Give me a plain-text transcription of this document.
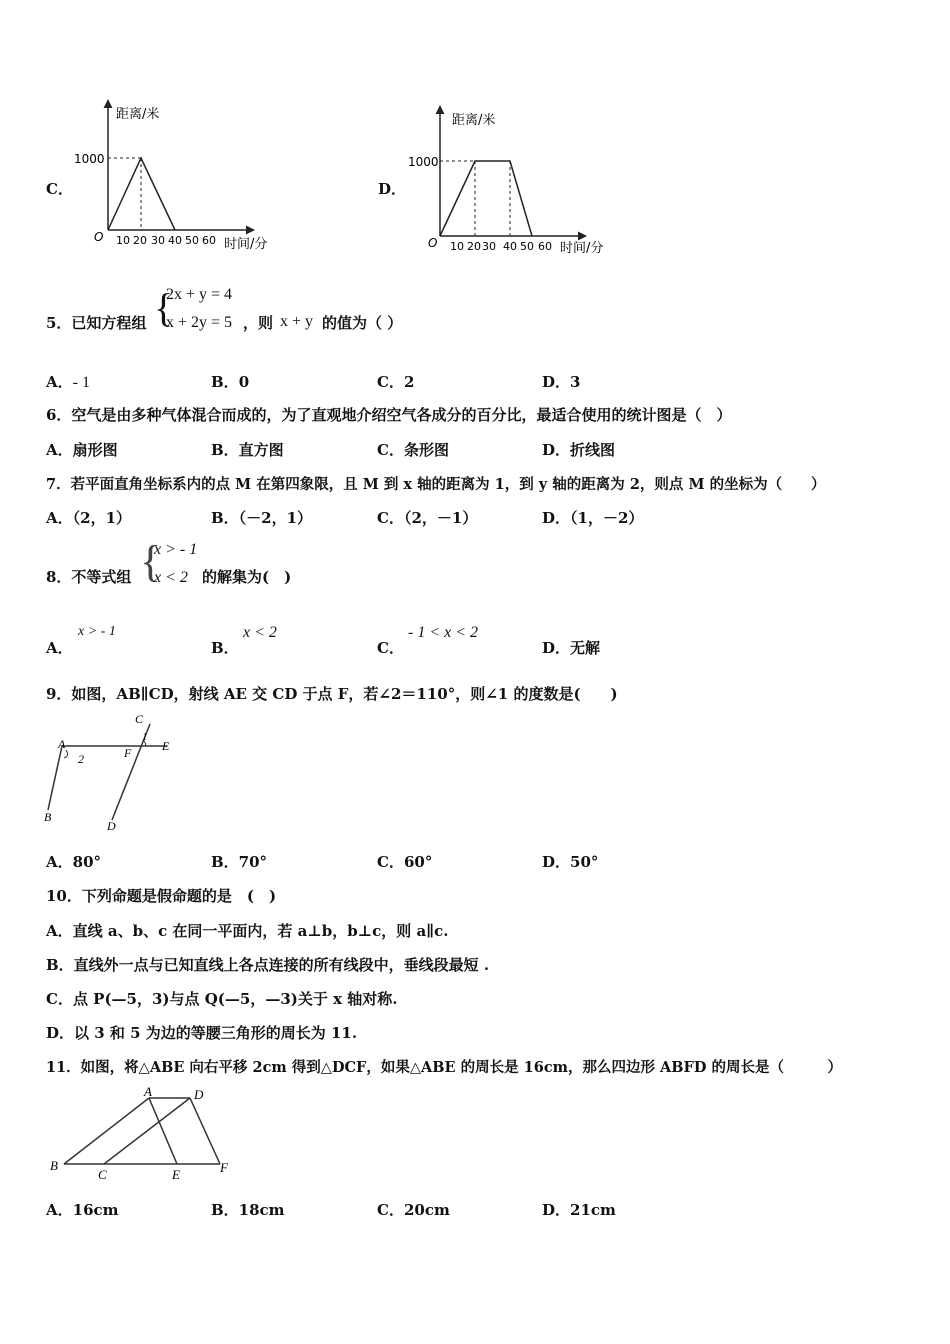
C．
距离/米
1000
O 10 20 30 40 50 60 时间/分
D．
距离/米
1000
O 10 20 30 40 50 60 时间/分
5．已知方程组 {
2x + y = 4
x + 2y = 5 ，则 x + y 的值为（ ）
A．- 1	B．0	C．2	D．3
6．空气是由多种气体混合而成的，为了直观地介绍空气各成分的百分比，最适合使用的统计图是（　）
A．扇形图	B．直方图	C．条形图	D．折线图
7．若平面直角坐标系内的点 M 在第四象限，且 M 到 x 轴的距离为 1，到 y 轴的距离为 2，则点 M 的坐标为（　　）
A．（2，1）	B．（－2，1）	C．（2，－1）	D．（1，－2）
8．不等式组 {
x > - 1
x < 2 的解集为(　)
A．
x > - 1
B．
x < 2
C．
- 1 < x < 2
D．无解
9．如图，AB∥CD，射线 AE 交 CD 于点 F，若∠2＝110°，则∠1 的度数是(　　)
A
B
C
D
E
F
1
2
A．80°	B．70°	C．60°	D．50°
10．下列命题是假命题的是　(　)
A．直线 a、b、c 在同一平面内，若 a⊥b，b⊥c，则 a∥c.
B．直线外一点与已知直线上各点连接的所有线段中，垂线段最短 .
C．点 P(—5，3)与点 Q(—5，—3)关于 x 轴对称.
D．以 3 和 5 为边的等腰三角形的周长为 11.
11．如图，将△ABE 向右平移 2cm 得到△DCF，如果△ABE 的周长是 16cm，那么四边形 ABFD 的周长是（　　　）
A
B
C
D
E	F
A．16cm	B．18cm	C．20cm	D．21cm
